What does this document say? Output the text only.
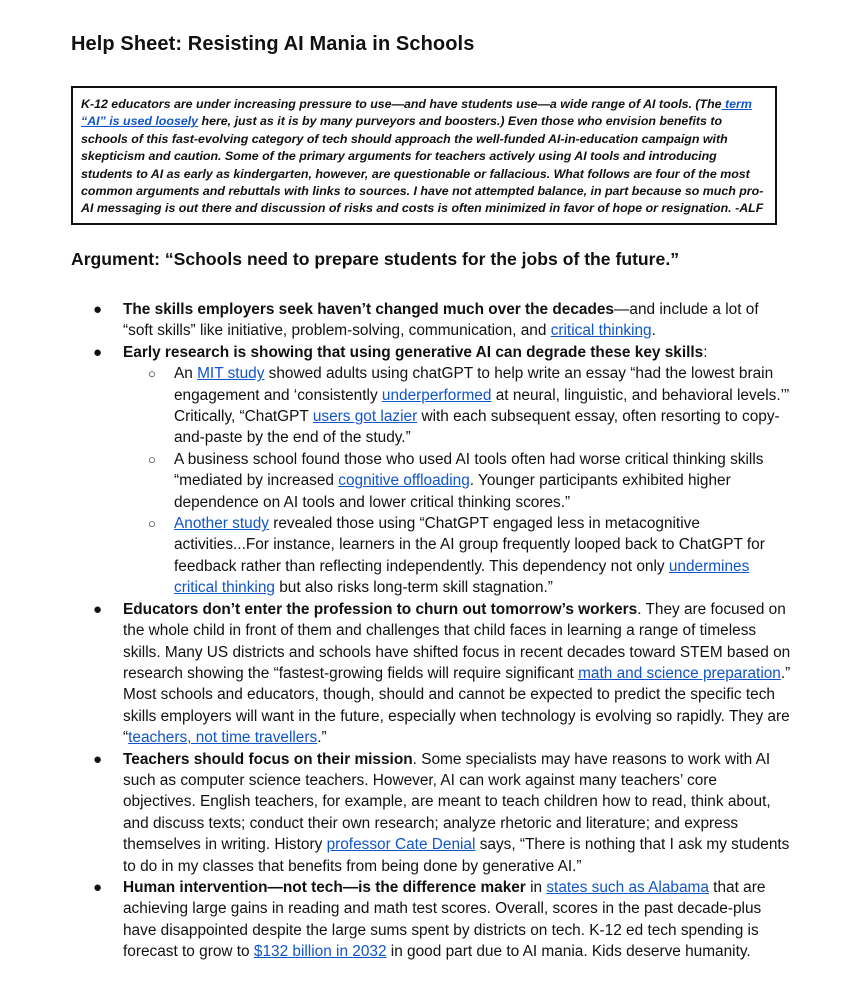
Help Sheet: Resisting AI Mania in Schools

K-12 educators are under increasing pressure to use—and have students use—a wide range of AI tools. (The term “AI” is used loosely here, just as it is by many purveyors and boosters.) Even those who envision benefits to schools of this fast-evolving category of tech should approach the well-funded AI-in-education campaign with skepticism and caution. Some of the primary arguments for teachers actively using AI tools and introducing students to AI as early as kindergarten, however, are questionable or fallacious. What follows are four of the most common arguments and rebuttals with links to sources. I have not attempted balance, in part because so much pro-AI messaging is out there and discussion of risks and costs is often minimized in favor of hope or resignation. -ALF

Argument: “Schools need to prepare students for the jobs of the future.”
● The skills employers seek haven’t changed much over the decades—and include a lot of “soft skills” like initiative, problem-solving, communication, and critical thinking.
● Early research is showing that using generative AI can degrade these key skills:
○ An MIT study showed adults using chatGPT to help write an essay “had the lowest brain engagement and ‘consistently underperformed at neural, linguistic, and behavioral levels.’” Critically, “ChatGPT users got lazier with each subsequent essay, often resorting to copy-and-paste by the end of the study.”
○ A business school found those who used AI tools often had worse critical thinking skills “mediated by increased cognitive offloading. Younger participants exhibited higher dependence on AI tools and lower critical thinking scores.”
○ Another study revealed those using “ChatGPT engaged less in metacognitive activities...For instance, learners in the AI group frequently looped back to ChatGPT for feedback rather than reflecting independently. This dependency not only undermines critical thinking but also risks long-term skill stagnation.”
● Educators don’t enter the profession to churn out tomorrow’s workers. They are focused on the whole child in front of them and challenges that child faces in learning a range of timeless skills. Many US districts and schools have shifted focus in recent decades toward STEM based on research showing the “fastest-growing fields will require significant math and science preparation.” Most schools and educators, though, should and cannot be expected to predict the specific tech skills employers will want in the future, especially when technology is evolving so rapidly. They are “teachers, not time travellers.”
● Teachers should focus on their mission. Some specialists may have reasons to work with AI such as computer science teachers. However, AI can work against many teachers’ core objectives. English teachers, for example, are meant to teach children how to read, think about, and discuss texts; conduct their own research; analyze rhetoric and literature; and express themselves in writing. History professor Cate Denial says, “There is nothing that I ask my students to do in my classes that benefits from being done by generative AI.”
● Human intervention—not tech—is the difference maker in states such as Alabama that are achieving large gains in reading and math test scores. Overall, scores in the past decade-plus have disappointed despite the large sums spent by districts on tech. K-12 ed tech spending is forecast to grow to $132 billion in 2032 in good part due to AI mania. Kids deserve humanity.
